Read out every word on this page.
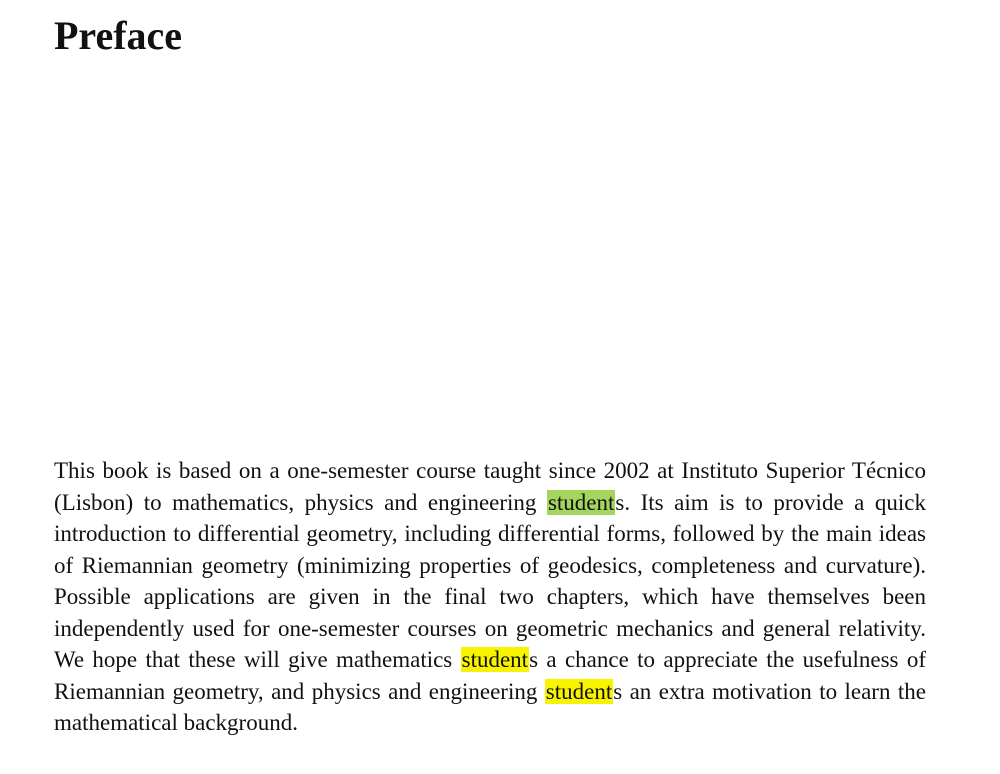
Preface

This book is based on a one-semester course taught since 2002 at Instituto Superior Técnico (Lisbon) to mathematics, physics and engineering students. Its aim is to provide a quick introduction to differential geometry, including differential forms, followed by the main ideas of Riemannian geometry (minimizing properties of geodesics, completeness and curvature). Possible applications are given in the final two chapters, which have themselves been independently used for one-semester courses on geometric mechanics and general relativity. We hope that these will give mathematics students a chance to appreciate the usefulness of Riemannian geometry, and physics and engineering students an extra motivation to learn the mathematical background.
